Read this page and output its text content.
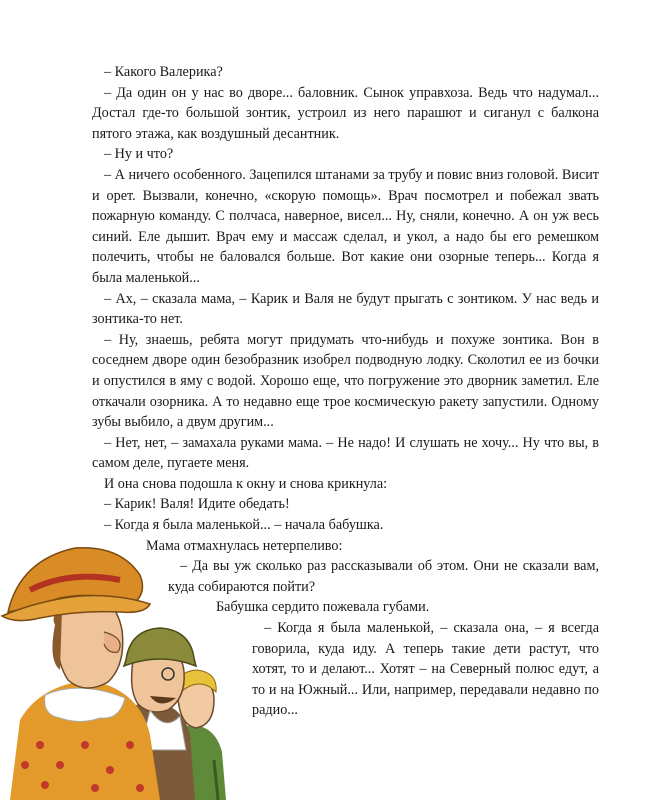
– Какого Валерика?

– Да один он у нас во дворе... баловник. Сынок управхоза. Ведь что надумал... Достал где-то большой зонтик, устроил из него парашют и сиганул с балкона пятого этажа, как воздушный десантник.

– Ну и что?

– А ничего особенного. Зацепился штанами за трубу и повис вниз головой. Висит и орет. Вызвали, конечно, «скорую помощь». Врач посмотрел и побежал звать пожарную команду. С полчаса, наверное, висел... Ну, сняли, конечно. А он уж весь синий. Еле дышит. Врач ему и массаж сделал, и укол, а надо бы его ремешком полечить, чтобы не баловался больше. Вот какие они озорные теперь... Когда я была маленькой...

– Ах, – сказала мама, – Карик и Валя не будут прыгать с зонтиком. У нас ведь и зонтика-то нет.

– Ну, знаешь, ребята могут придумать что-нибудь и похуже зонтика. Вон в соседнем дворе один безобразник изобрел подводную лодку. Сколотил ее из бочки и опустился в яму с водой. Хорошо еще, что погружение это дворник заметил. Еле откачали озорника. А то недавно еще трое космическую ракету запустили. Одному зубы выбило, а двум другим...

– Нет, нет, – замахала руками мама. – Не надо! И слушать не хочу... Ну что вы, в самом деле, пугаете меня.

И она снова подошла к окну и снова крикнула:

– Карик! Валя! Идите обедать!

– Когда я была маленькой... – начала бабушка.

Мама отмахнулась нетерпеливо:

– Да вы уж сколько раз рассказывали об этом. Они не сказали вам, куда собираются пойти?

Бабушка сердито пожевала губами.

– Когда я была маленькой, – сказала она, – я всегда говорила, куда иду. А теперь такие дети растут, что хотят, то и делают... Хотят – на Северный полюс едут, а то и на Южный... Или, например, передавали недавно по радио...
